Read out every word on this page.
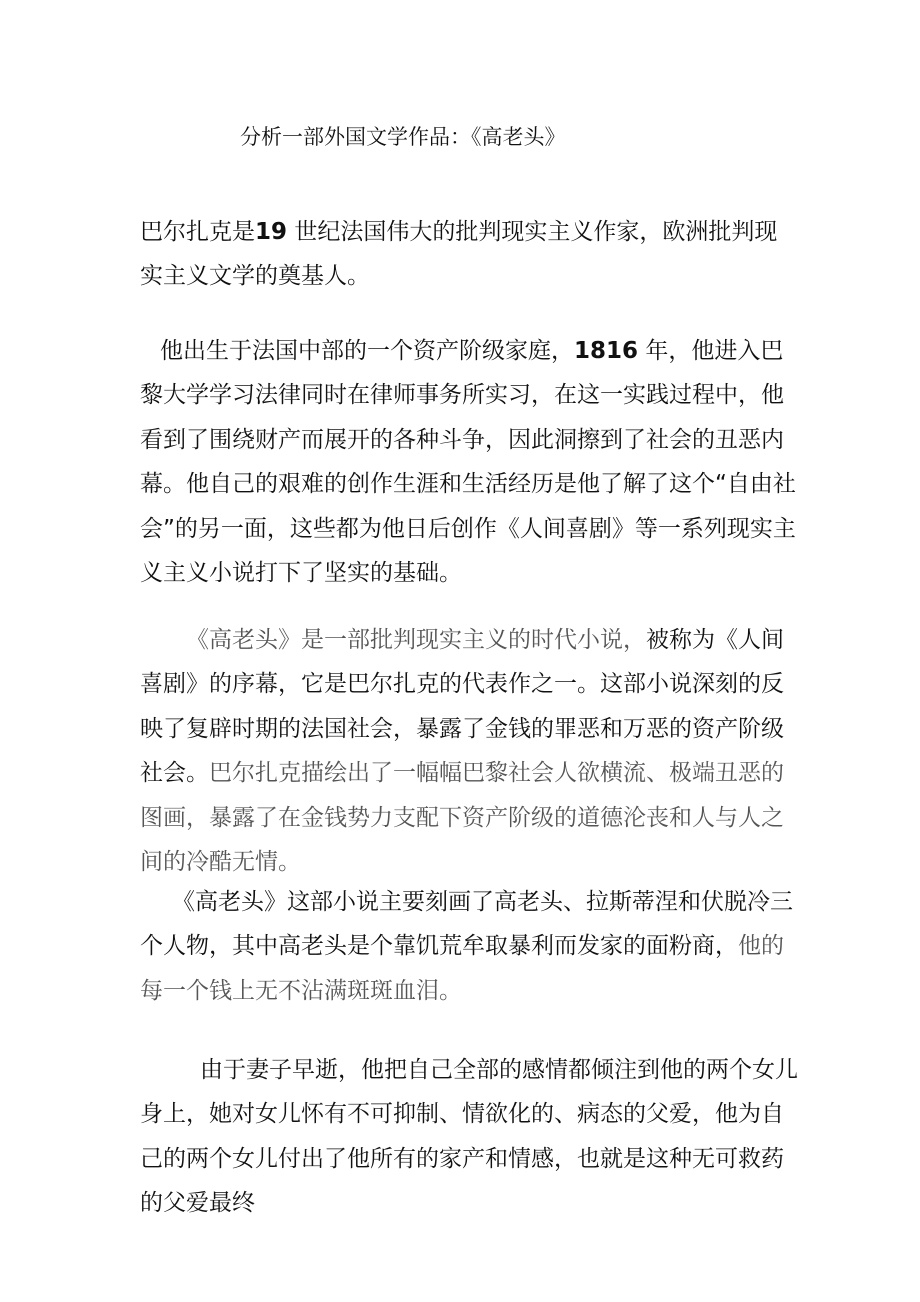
分析一部外国文学作品：《高老头》

巴尔扎克是19 世纪法国伟大的批判现实主义作家，欧洲批判现实主义文学的奠基人。

他出生于法国中部的一个资产阶级家庭，1816 年，他进入巴黎大学学习法律同时在律师事务所实习，在这一实践过程中，他看到了围绕财产而展开的各种斗争，因此洞擦到了社会的丑恶内幕。他自己的艰难的创作生涯和生活经历是他了解了这个“自由社会”的另一面，这些都为他日后创作《人间喜剧》等一系列现实主义主义小说打下了坚实的基础。

《高老头》是一部批判现实主义的时代小说，被称为《人间喜剧》的序幕，它是巴尔扎克的代表作之一。这部小说深刻的反映了复辟时期的法国社会，暴露了金钱的罪恶和万恶的资产阶级社会。巴尔扎克描绘出了一幅幅巴黎社会人欲横流、极端丑恶的图画，暴露了在金钱势力支配下资产阶级的道德沦丧和人与人之间的冷酷无情。

《高老头》这部小说主要刻画了高老头、拉斯蒂涅和伏脱冷三个人物，其中高老头是个靠饥荒牟取暴利而发家的面粉商，他的每一个钱上无不沾满斑斑血泪。

由于妻子早逝，他把自己全部的感情都倾注到他的两个女儿身上，她对女儿怀有不可抑制、情欲化的、病态的父爱，他为自己的两个女儿付出了他所有的家产和情感，也就是这种无可救药的父爱最终
